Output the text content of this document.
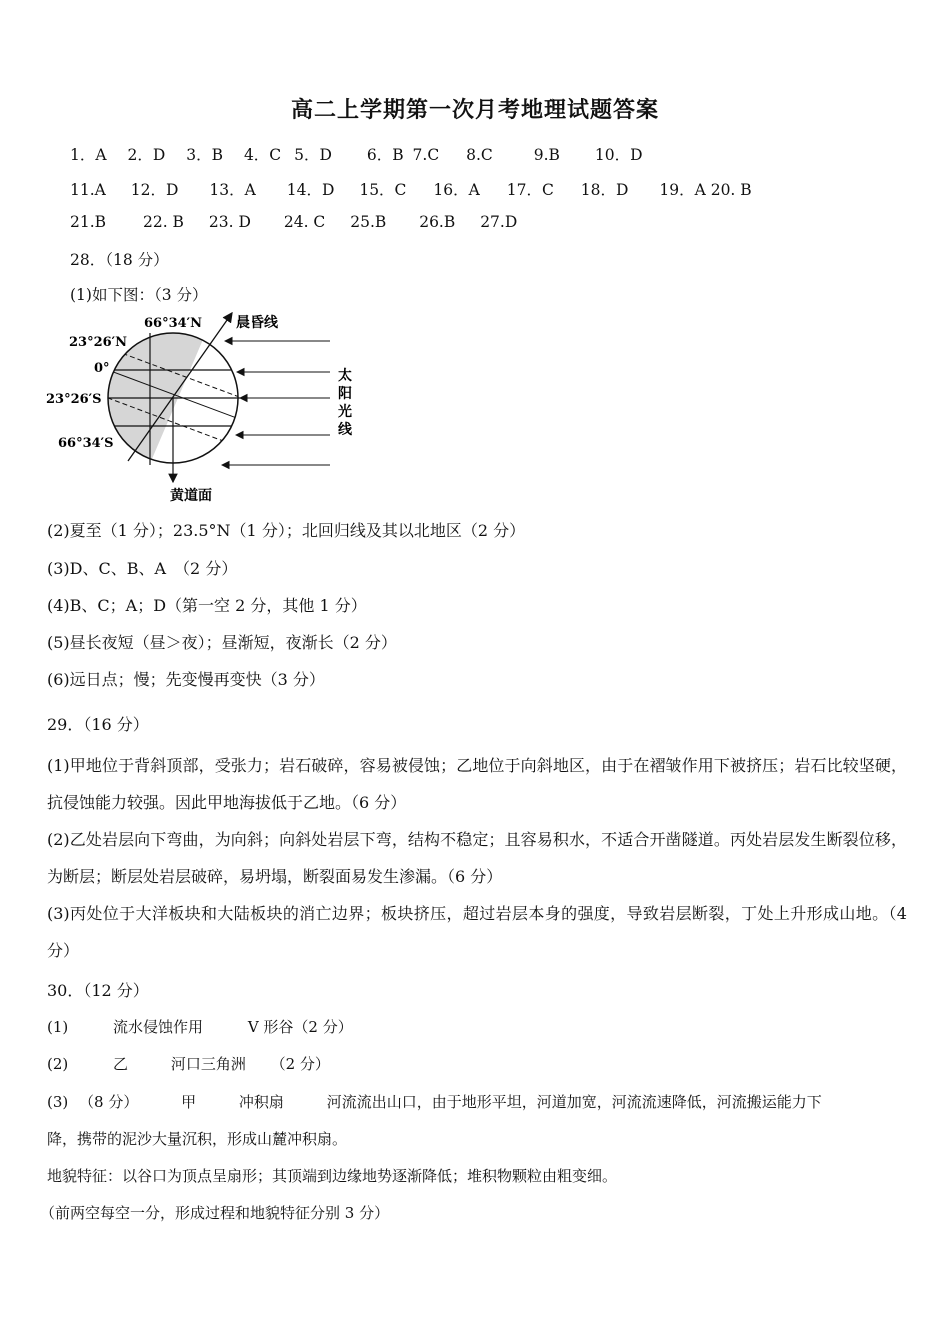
高二上学期第一次月考地理试题答案
1．A 2．D 3．B 4．C 5．D 6．B 7.C 8.C	9.B 10．D
11.A 12．D 13．A 14．D 15．C 16．A 17．C 18．D 19．A 20. B
21.B 22. B 23. D 24. C 25.B 26.B 27.D
28．（18 分）
(1)如下图：（3 分）
66°34′N
23°26′N
0°
23°26′S
66°34′S
晨昏线
黄道面
太
阳
光
线
(2)夏至（1 分）；23.5°N（1 分）；北回归线及其以北地区（2 分）
(3)D、C、B、A　（2 分）
(4)B、C；A；D（第一空 2 分，其他 1 分）
(5)昼长夜短（昼＞夜）；昼渐短，夜渐长（2 分）
(6)远日点；慢；先变慢再变快（3 分）
29．（16 分）
(1)甲地位于背斜顶部，受张力；岩石破碎，容易被侵蚀；乙地位于向斜地区，由于在褶皱作用下被挤压；岩石比较坚硬，抗侵蚀能力较强。因此甲地海拔低于乙地。（6 分）
(2)乙处岩层向下弯曲，为向斜；向斜处岩层下弯，结构不稳定；且容易积水，不适合开凿隧道。丙处岩层发生断裂位移，为断层；断层处岩层破碎，易坍塌，断裂面易发生渗漏。（6 分）
(3)丙处位于大洋板块和大陆板块的消亡边界；板块挤压，超过岩层本身的强度，导致岩层断裂，丁处上升形成山地。（4 分）
30．（12 分）
(1)	流水侵蚀作用	V 形谷（2 分）
(2)	乙	河口三角洲 （2 分）
(3) （8 分）	甲	冲积扇	河流流出山口，由于地形平坦，河道加宽，河流流速降低，河流搬运能力下
降，携带的泥沙大量沉积，形成山麓冲积扇。
地貌特征：以谷口为顶点呈扇形；其顶端到边缘地势逐渐降低；堆积物颗粒由粗变细。
（前两空每空一分，形成过程和地貌特征分别 3 分）
